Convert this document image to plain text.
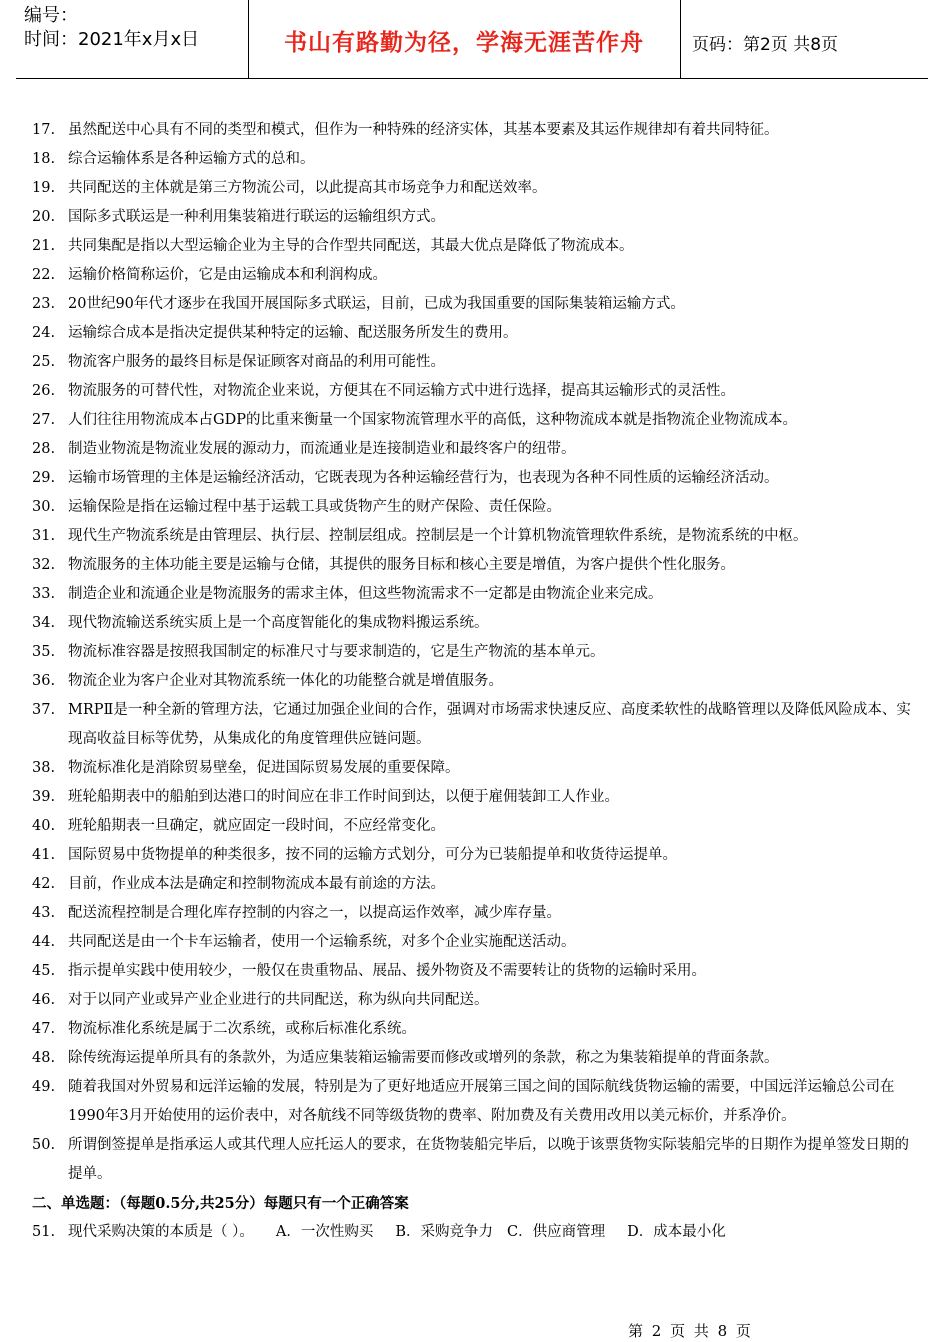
编号：
时间：2021年x月x日	书山有路勤为径，学海无涯苦作舟	页码：第2页 共8页
17. 虽然配送中心具有不同的类型和模式，但作为一种特殊的经济实体，其基本要素及其运作规律却有着共同特征。
18. 综合运输体系是各种运输方式的总和。
19. 共同配送的主体就是第三方物流公司，以此提高其市场竞争力和配送效率。
20. 国际多式联运是一种利用集装箱进行联运的运输组织方式。
21. 共同集配是指以大型运输企业为主导的合作型共同配送，其最大优点是降低了物流成本。
22. 运输价格简称运价，它是由运输成本和利润构成。
23. 20世纪90年代才逐步在我国开展国际多式联运，目前，已成为我国重要的国际集装箱运输方式。
24. 运输综合成本是指决定提供某种特定的运输、配送服务所发生的费用。
25. 物流客户服务的最终目标是保证顾客对商品的利用可能性。
26. 物流服务的可替代性，对物流企业来说，方便其在不同运输方式中进行选择，提高其运输形式的灵活性。
27. 人们往往用物流成本占GDP的比重来衡量一个国家物流管理水平的高低，这种物流成本就是指物流企业物流成本。
28. 制造业物流是物流业发展的源动力，而流通业是连接制造业和最终客户的纽带。
29. 运输市场管理的主体是运输经济活动，它既表现为各种运输经营行为，也表现为各种不同性质的运输经济活动。
30. 运输保险是指在运输过程中基于运载工具或货物产生的财产保险、责任保险。
31. 现代生产物流系统是由管理层、执行层、控制层组成。控制层是一个计算机物流管理软件系统，是物流系统的中枢。
32. 物流服务的主体功能主要是运输与仓储，其提供的服务目标和核心主要是增值，为客户提供个性化服务。
33. 制造企业和流通企业是物流服务的需求主体，但这些物流需求不一定都是由物流企业来完成。
34. 现代物流输送系统实质上是一个高度智能化的集成物料搬运系统。
35. 物流标准容器是按照我国制定的标准尺寸与要求制造的，它是生产物流的基本单元。
36. 物流企业为客户企业对其物流系统一体化的功能整合就是增值服务。
37. MRPⅡ是一种全新的管理方法，它通过加强企业间的合作，强调对市场需求快速反应、高度柔软性的战略管理以及降低风险成本、实现高收益目标等优势，从集成化的角度管理供应链问题。
38. 物流标准化是消除贸易壁垒，促进国际贸易发展的重要保障。
39. 班轮船期表中的船舶到达港口的时间应在非工作时间到达，以便于雇佣装卸工人作业。
40. 班轮船期表一旦确定，就应固定一段时间，不应经常变化。
41. 国际贸易中货物提单的种类很多，按不同的运输方式划分，可分为已装船提单和收货待运提单。
42. 目前，作业成本法是确定和控制物流成本最有前途的方法。
43. 配送流程控制是合理化库存控制的内容之一，以提高运作效率，减少库存量。
44. 共同配送是由一个卡车运输者，使用一个运输系统，对多个企业实施配送活动。
45. 指示提单实践中使用较少，一般仅在贵重物品、展品、援外物资及不需要转让的货物的运输时采用。
46. 对于以同产业或异产业企业进行的共同配送，称为纵向共同配送。
47. 物流标准化系统是属于二次系统，或称后标准化系统。
48. 除传统海运提单所具有的条款外，为适应集装箱运输需要而修改或增列的条款，称之为集装箱提单的背面条款。
49. 随着我国对外贸易和远洋运输的发展，特别是为了更好地适应开展第三国之间的国际航线货物运输的需要，中国远洋运输总公司在1990年3月开始使用的运价表中，对各航线不同等级货物的费率、附加费及有关费用改用以美元标价，并系净价。
50. 所谓倒签提单是指承运人或其代理人应托运人的要求，在货物装船完毕后，以晚于该票货物实际装船完毕的日期作为提单签发日期的提单。
二、单选题：（每题0.5分,共25分）每题只有一个正确答案
51. 现代采购决策的本质是（ ）。 A．一次性购买 B．采购竞争力 C．供应商管理 D．成本最小化
第 2 页 共 8 页
